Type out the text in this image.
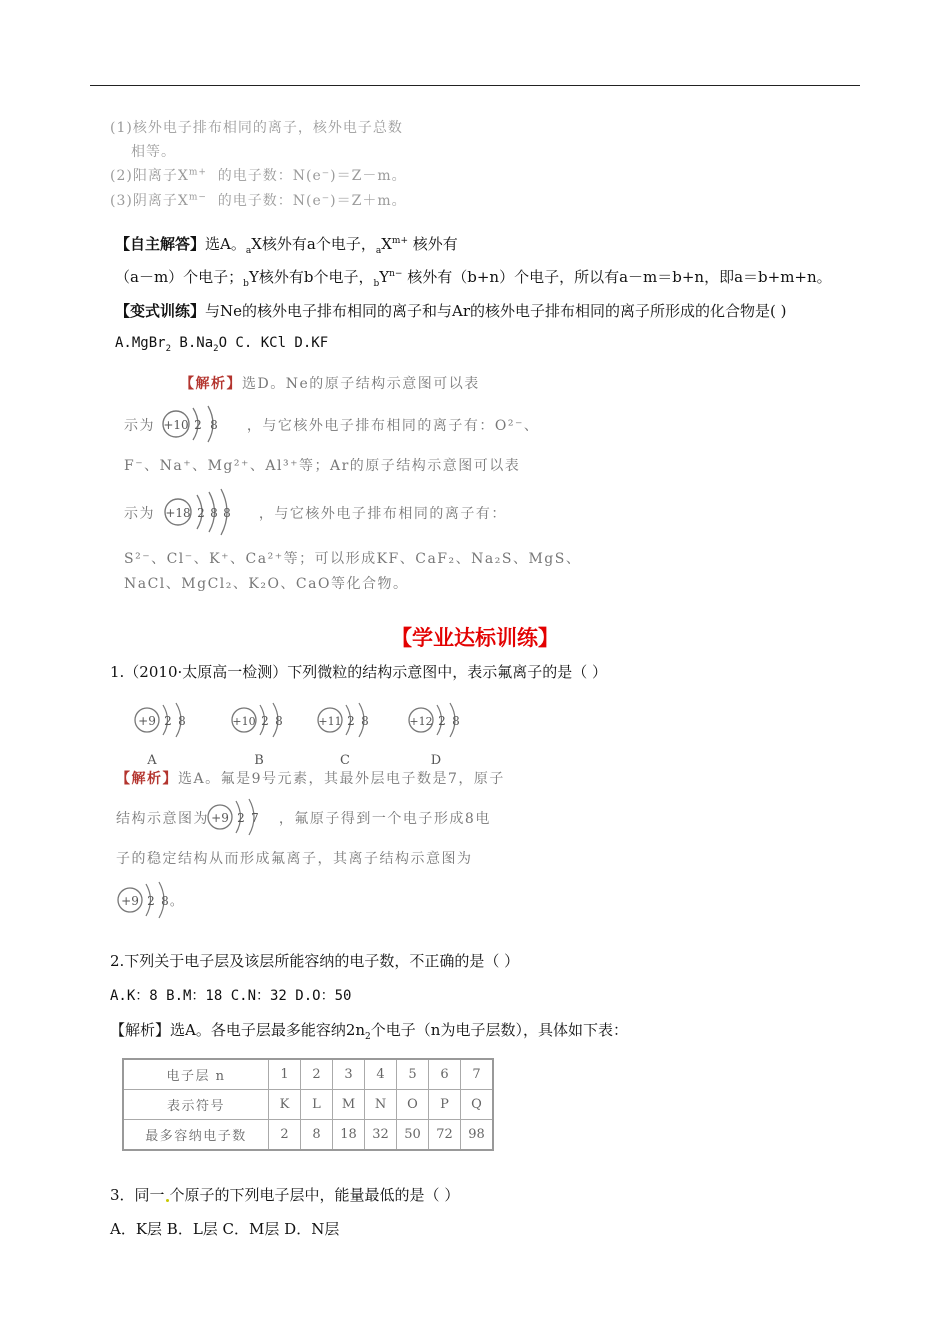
(1)核外电子排布相同的离子，核外电子总数
相等。
(2)阳离子$X^{m+}$ 的电子数：N(e⁻)＝Z－m。
(3)阴离子$X^{m-}$ 的电子数：N(e⁻)＝Z＋m。
【自主解答】选A。$_a$X核外有a个电子，$_aX^{m+}$ 核外有
（a－m）个电子；$_b$Y核外有b个电子，$_bY^{n-}$ 核外有（b+n）个电子，所以有a－m＝b+n，即a＝b+m+n。
【变式训练】与Ne的核外电子排布相同的离子和与Ar的核外电子排布相同的离子所形成的化合物是( )
A.MgBr$_2$ $B.Na_2O$ C. KCl D.KF
【解析】选D。Ne的原子结构示意图可以表
示为	，与它核外电子排布相同的离子有：O²⁻、
+10 2 8
F⁻、Na⁺、Mg²⁺、Al³⁺等；Ar的原子结构示意图可以表
示为	，与它核外电子排布相同的离子有：
+18 2 8 8
S²⁻、Cl⁻、K⁺、Ca²⁺等；可以形成KF、CaF₂、Na₂S、MgS、
NaCl、MgCl₂、K₂O、CaO等化合物。
【学业达标训练】
1.（2010·太原高一检测）下列微粒的结构示意图中，表示氟离子的是（ ）
+9 2 8
A
+10 2 8
B
+11 2 8
C
+12 2 8
D
【解析】选A。氟是9号元素，其最外层电子数是7，原子
结构示意图为	，氟原子得到一个电子形成8电
+9 2 7
子的稳定结构从而形成氟离子，其离子结构示意图为
+9 2 8 。
2.下列关于电子层及该层所能容纳的电子数，不正确的是（ ）
A.K：8 B.M：18 C.N：32 D.O：50
【解析】选A。各电子层最多能容纳$2n_2$个电子（n为电子层数），具体如下表：
电子层 n	1	2	3	4	5	6	7
表示符号	K	L	M	N	O	P	Q
最多容纳电子数	2	8	18	32	50	72	98
3．同一 个原子的下列电子层中，能量最低的是（ ）
A．K层 B．L层 C．M层 D．N层
